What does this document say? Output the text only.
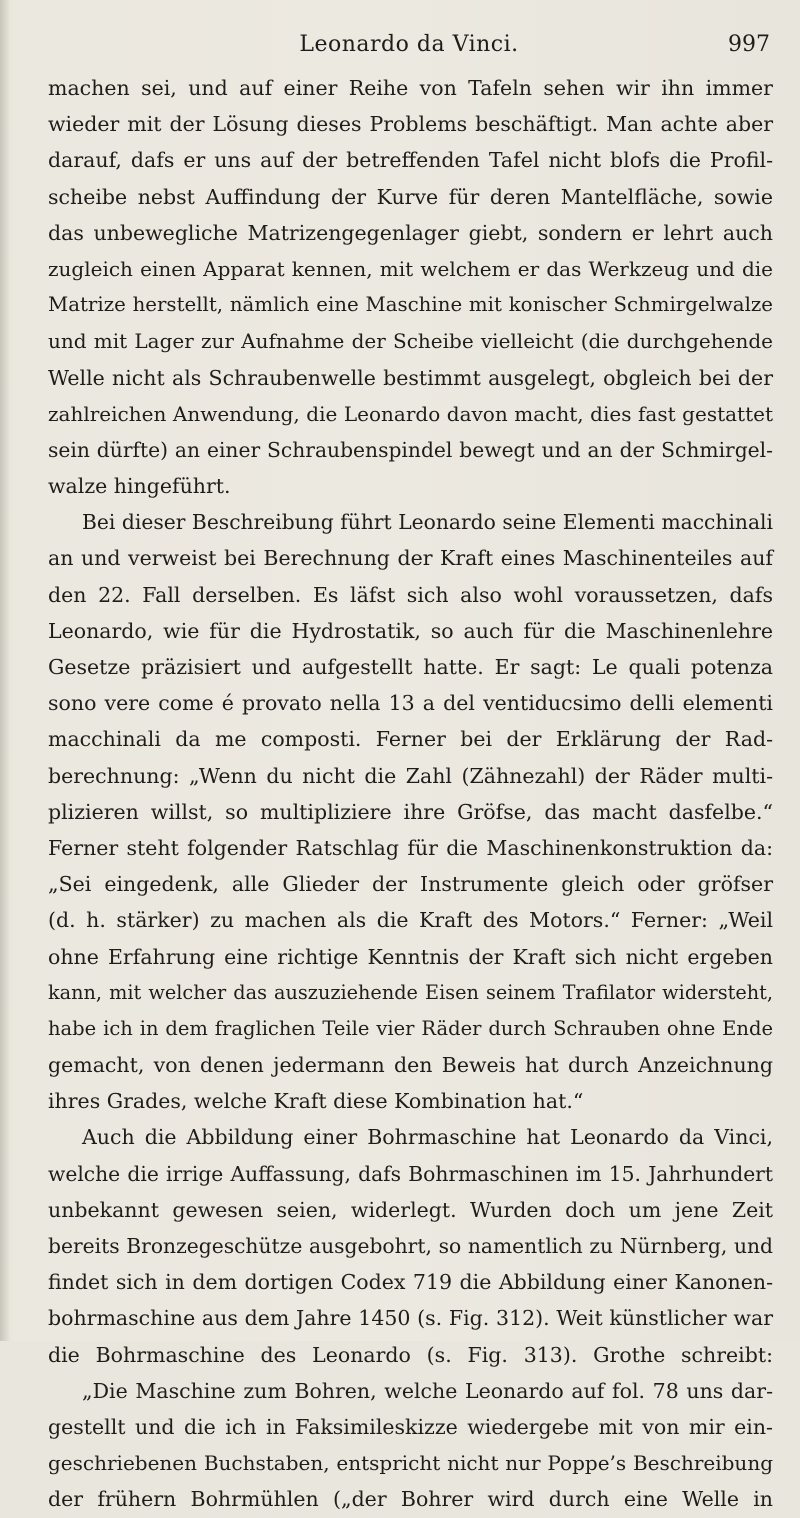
Leonardo da Vinci.	997
machen sei, und auf einer Reihe von Tafeln sehen wir ihn immer
wieder mit der Lösung dieses Problems beschäftigt. Man achte aber
darauf, dafs er uns auf der betreffenden Tafel nicht blofs die Profil-
scheibe nebst Auffindung der Kurve für deren Mantelfläche, sowie
das unbewegliche Matrizengegenlager giebt, sondern er lehrt auch
zugleich einen Apparat kennen, mit welchem er das Werkzeug und die
Matrize herstellt, nämlich eine Maschine mit konischer Schmirgelwalze
und mit Lager zur Aufnahme der Scheibe vielleicht (die durchgehende
Welle nicht als Schraubenwelle bestimmt ausgelegt, obgleich bei der
zahlreichen Anwendung, die Leonardo davon macht, dies fast gestattet
sein dürfte) an einer Schraubenspindel bewegt und an der Schmirgel-
walze hingeführt.
Bei dieser Beschreibung führt Leonardo seine Elementi macchinali
an und verweist bei Berechnung der Kraft eines Maschinenteiles auf
den 22. Fall derselben. Es läfst sich also wohl voraussetzen, dafs
Leonardo, wie für die Hydrostatik, so auch für die Maschinenlehre
Gesetze präzisiert und aufgestellt hatte. Er sagt: Le quali potenza
sono vere come é provato nella 13 a del ventiducsimo delli elementi
macchinali da me composti. Ferner bei der Erklärung der Rad-
berechnung: „Wenn du nicht die Zahl (Zähnezahl) der Räder multi-
plizieren willst, so multipliziere ihre Gröfse, das macht dasfelbe.“
Ferner steht folgender Ratschlag für die Maschinenkonstruktion da:
„Sei eingedenk, alle Glieder der Instrumente gleich oder gröfser
(d. h. stärker) zu machen als die Kraft des Motors.“ Ferner: „Weil
ohne Erfahrung eine richtige Kenntnis der Kraft sich nicht ergeben
kann, mit welcher das auszuziehende Eisen seinem Trafilator widersteht,
habe ich in dem fraglichen Teile vier Räder durch Schrauben ohne Ende
gemacht, von denen jedermann den Beweis hat durch Anzeichnung
ihres Grades, welche Kraft diese Kombination hat.“
Auch die Abbildung einer Bohrmaschine hat Leonardo da Vinci,
welche die irrige Auffassung, dafs Bohrmaschinen im 15. Jahrhundert
unbekannt gewesen seien, widerlegt. Wurden doch um jene Zeit
bereits Bronzegeschütze ausgebohrt, so namentlich zu Nürnberg, und
findet sich in dem dortigen Codex 719 die Abbildung einer Kanonen-
bohrmaschine aus dem Jahre 1450 (s. Fig. 312). Weit künstlicher war
die Bohrmaschine des Leonardo (s. Fig. 313). Grothe schreibt:
„Die Maschine zum Bohren, welche Leonardo auf fol. 78 uns dar-
gestellt und die ich in Faksimileskizze wiedergebe mit von mir ein-
geschriebenen Buchstaben, entspricht nicht nur Poppe’s Beschreibung
der frühern Bohrmühlen („der Bohrer wird durch eine Welle in
